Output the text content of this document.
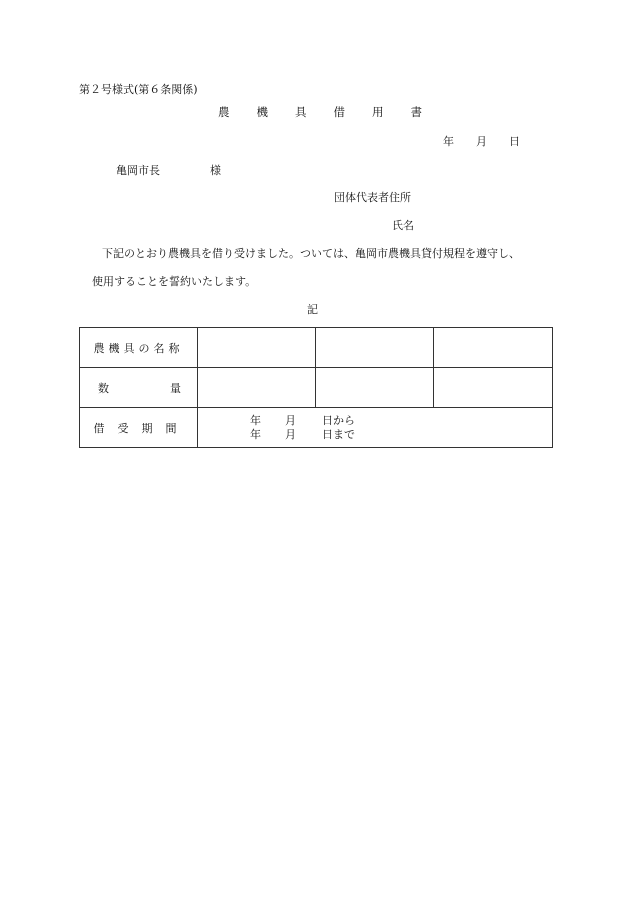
第２号様式(第６条関係)
農機具借用書
年 月 日
亀岡市長	様
団体代表者住所
氏名
下記のとおり農機具を借り受けました。ついては、亀岡市農機具貸付規程を遵守し、
使用することを誓約いたします。
記
農機具の名称			

数 量			

借受期間	年 月 日から
年 月 日まで		
